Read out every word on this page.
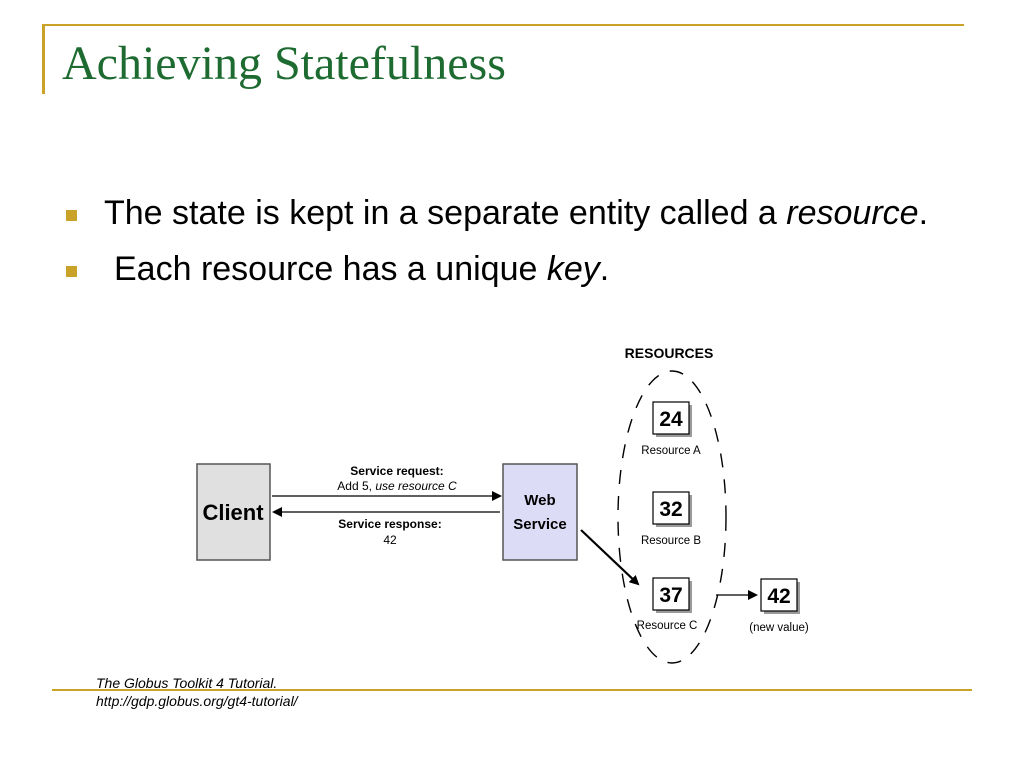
Achieving Statefulness
The state is kept in a separate entity called a resource.
Each resource has a unique key.
Client	Web
Service
Service request:
Add 5, use resource C
Service response:
42
RESOURCES
24
Resource A
32
Resource B
37
Resource C
42
(new value)
The Globus Toolkit 4 Tutorial.
http://gdp.globus.org/gt4-tutorial/
